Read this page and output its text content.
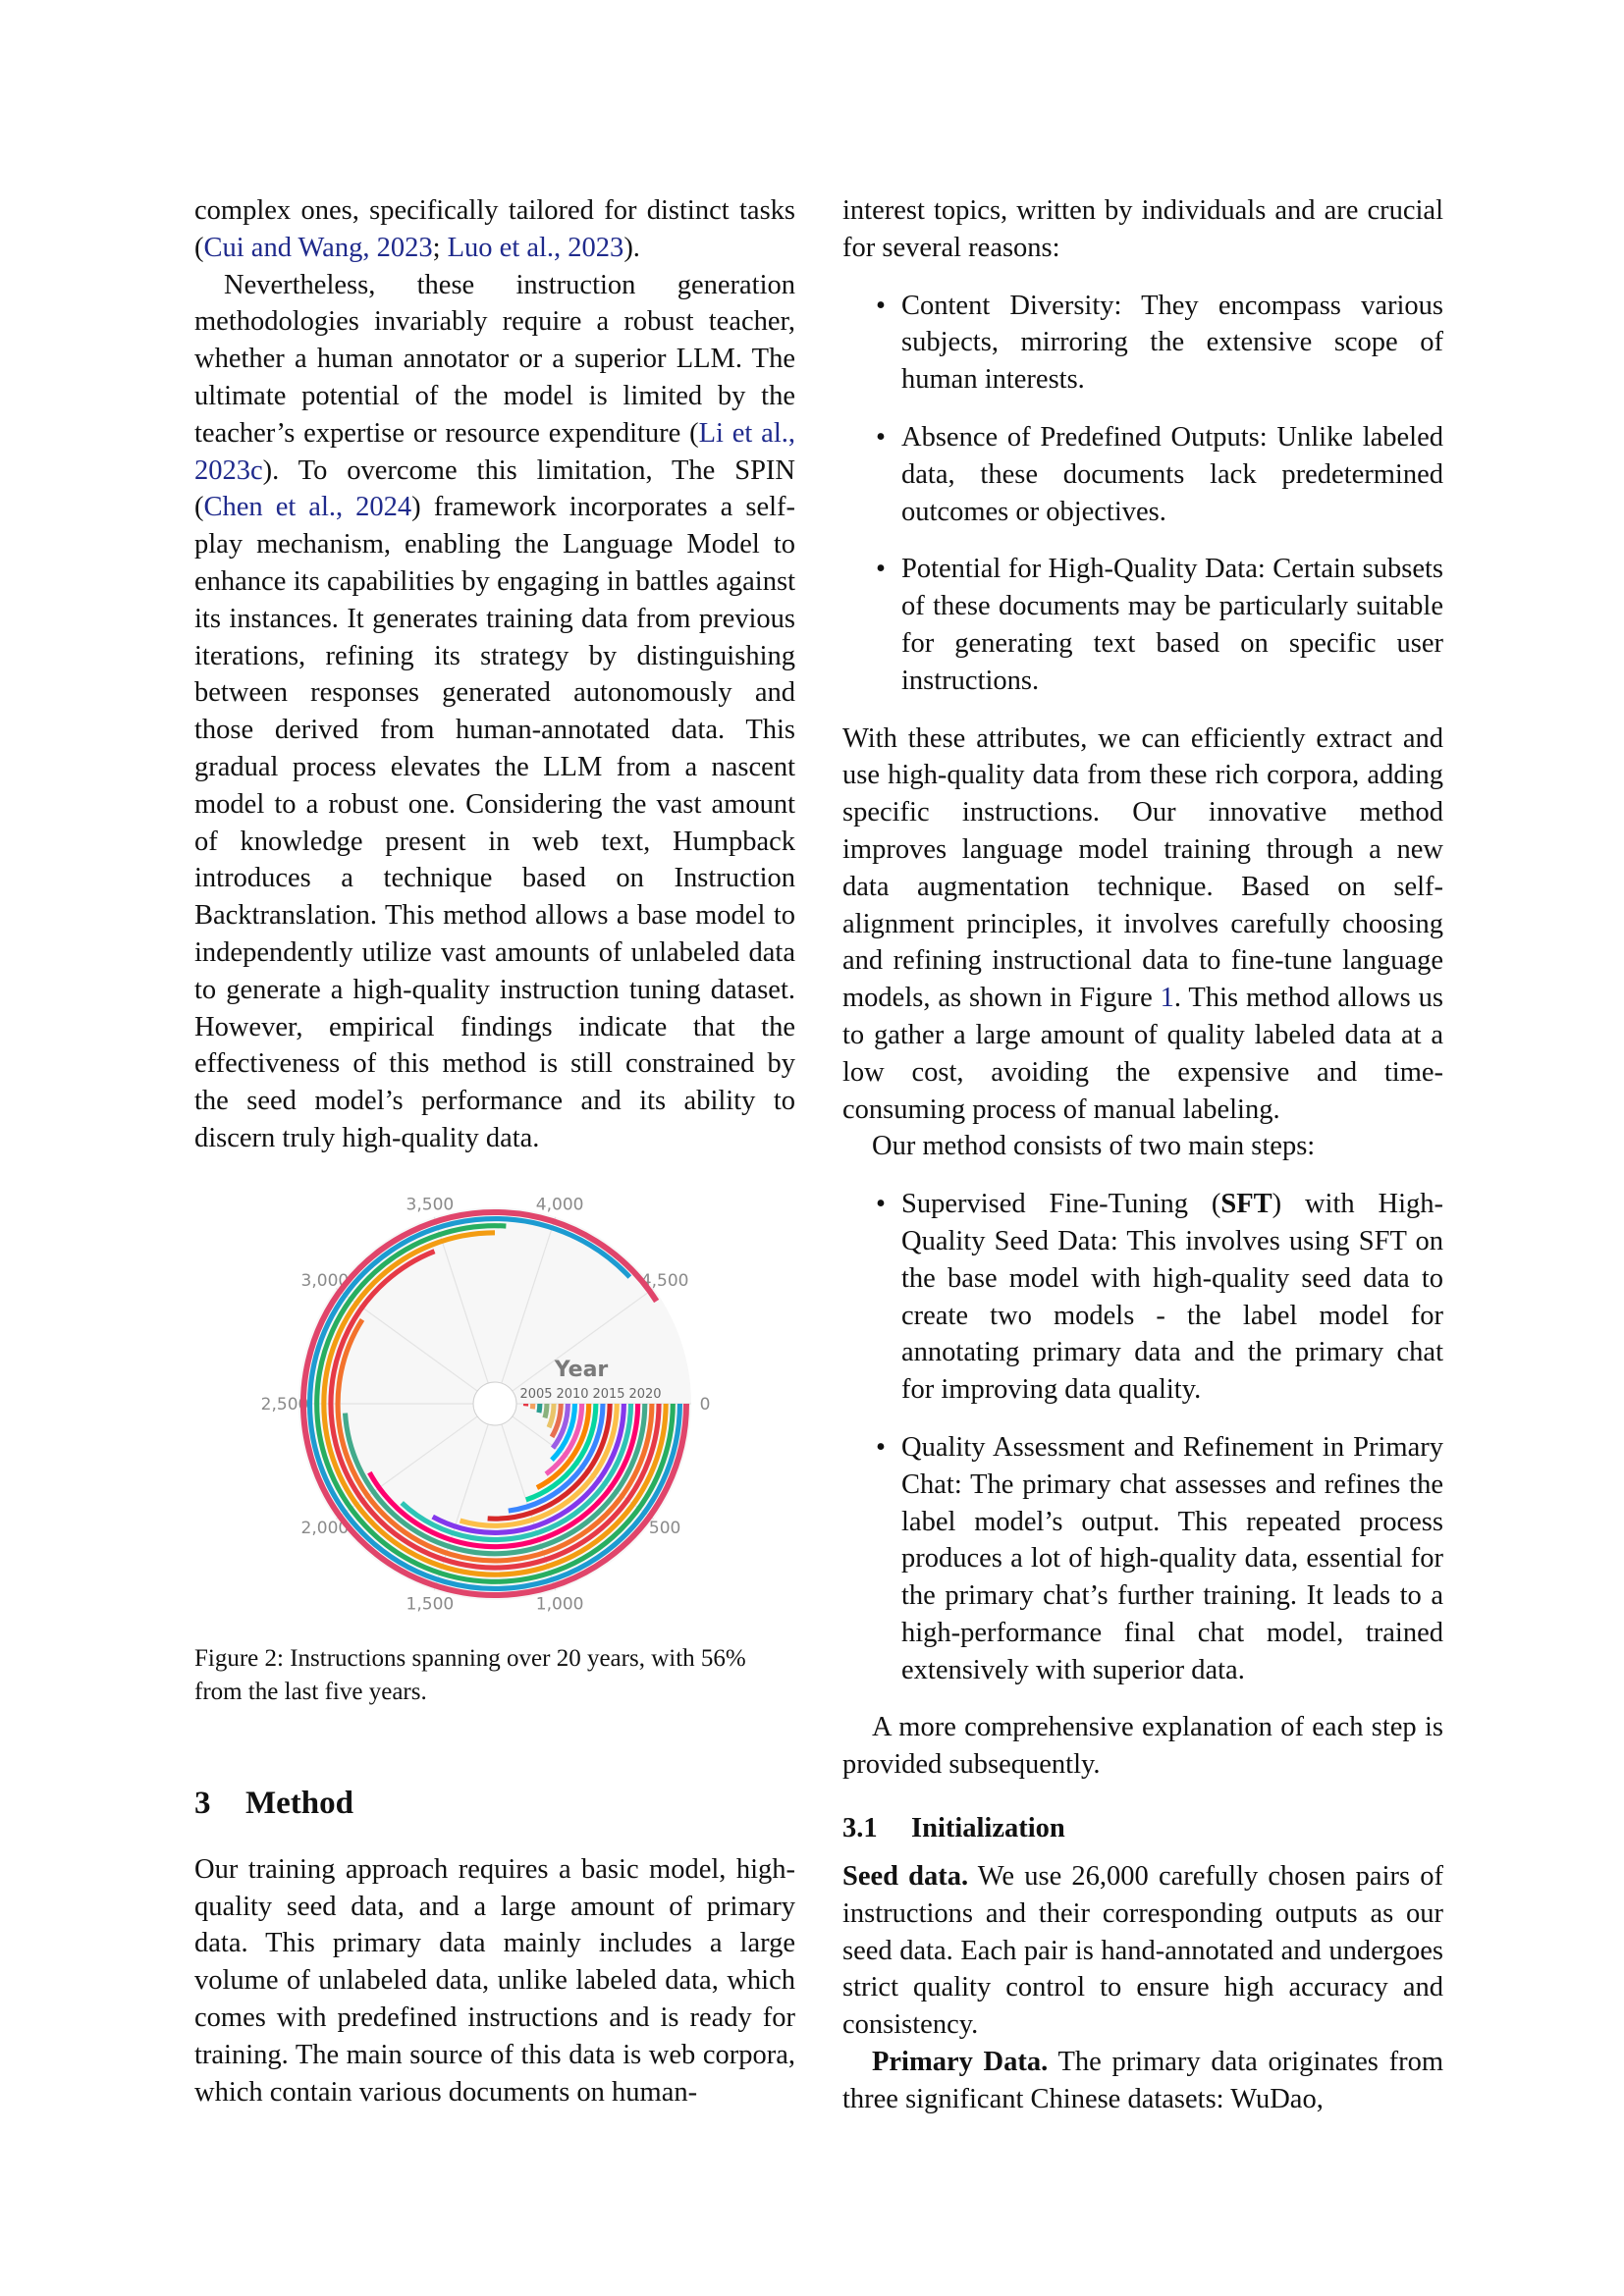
complex ones, specifically tailored for distinct tasks (Cui and Wang, 2023; Luo et al., 2023).

Nevertheless, these instruction generation methodologies invariably require a robust teacher, whether a human annotator or a superior LLM. The ultimate potential of the model is limited by the teacher’s expertise or resource expenditure (Li et al., 2023c). To overcome this limitation, The SPIN (Chen et al., 2024) framework incorporates a self-play mechanism, enabling the Language Model to enhance its capabilities by engaging in battles against its instances. It generates training data from previous iterations, refining its strategy by distinguishing between responses generated autonomously and those derived from human-annotated data. This gradual process elevates the LLM from a nascent model to a robust one. Considering the vast amount of knowledge present in web text, Humpback introduces a technique based on Instruction Backtranslation. This method allows a base model to independently utilize vast amounts of unlabeled data to generate a high-quality instruction tuning dataset. However, empirical findings indicate that the effectiveness of this method is still constrained by the seed model’s performance and its ability to discern truly high-quality data.

0
500
1,000
1,500
2,000
2,500
3,000
3,500	4,000
4,500
Year
2005 2010 2015 2020
Figure 2: Instructions spanning over 20 years, with 56% from the last five years.
3 Method

Our training approach requires a basic model, high-quality seed data, and a large amount of primary data. This primary data mainly includes a large volume of unlabeled data, unlike labeled data, which comes with predefined instructions and is ready for training. The main source of this data is web corpora, which contain various documents on human-

interest topics, written by individuals and are crucial for several reasons:

• Content Diversity: They encompass various subjects, mirroring the extensive scope of human interests.
• Absence of Predefined Outputs: Unlike labeled data, these documents lack predetermined outcomes or objectives.
• Potential for High-Quality Data: Certain subsets of these documents may be particularly suitable for generating text based on specific user instructions.

With these attributes, we can efficiently extract and use high-quality data from these rich corpora, adding specific instructions. Our innovative method improves language model training through a new data augmentation technique. Based on self-alignment principles, it involves carefully choosing and refining instructional data to fine-tune language models, as shown in Figure 1. This method allows us to gather a large amount of quality labeled data at a low cost, avoiding the expensive and time-consuming process of manual labeling.

Our method consists of two main steps:

• Supervised Fine-Tuning (SFT) with High-Quality Seed Data: This involves using SFT on the base model with high-quality seed data to create two models - the label model for annotating primary data and the primary chat for improving data quality.
• Quality Assessment and Refinement in Primary Chat: The primary chat assesses and refines the label model’s output. This repeated process produces a lot of high-quality data, essential for the primary chat’s further training. It leads to a high-performance final chat model, trained extensively with superior data.

A more comprehensive explanation of each step is provided subsequently.

3.1 Initialization

Seed data. We use 26,000 carefully chosen pairs of instructions and their corresponding outputs as our seed data. Each pair is hand-annotated and undergoes strict quality control to ensure high accuracy and consistency.

Primary Data. The primary data originates from three significant Chinese datasets: WuDao,
